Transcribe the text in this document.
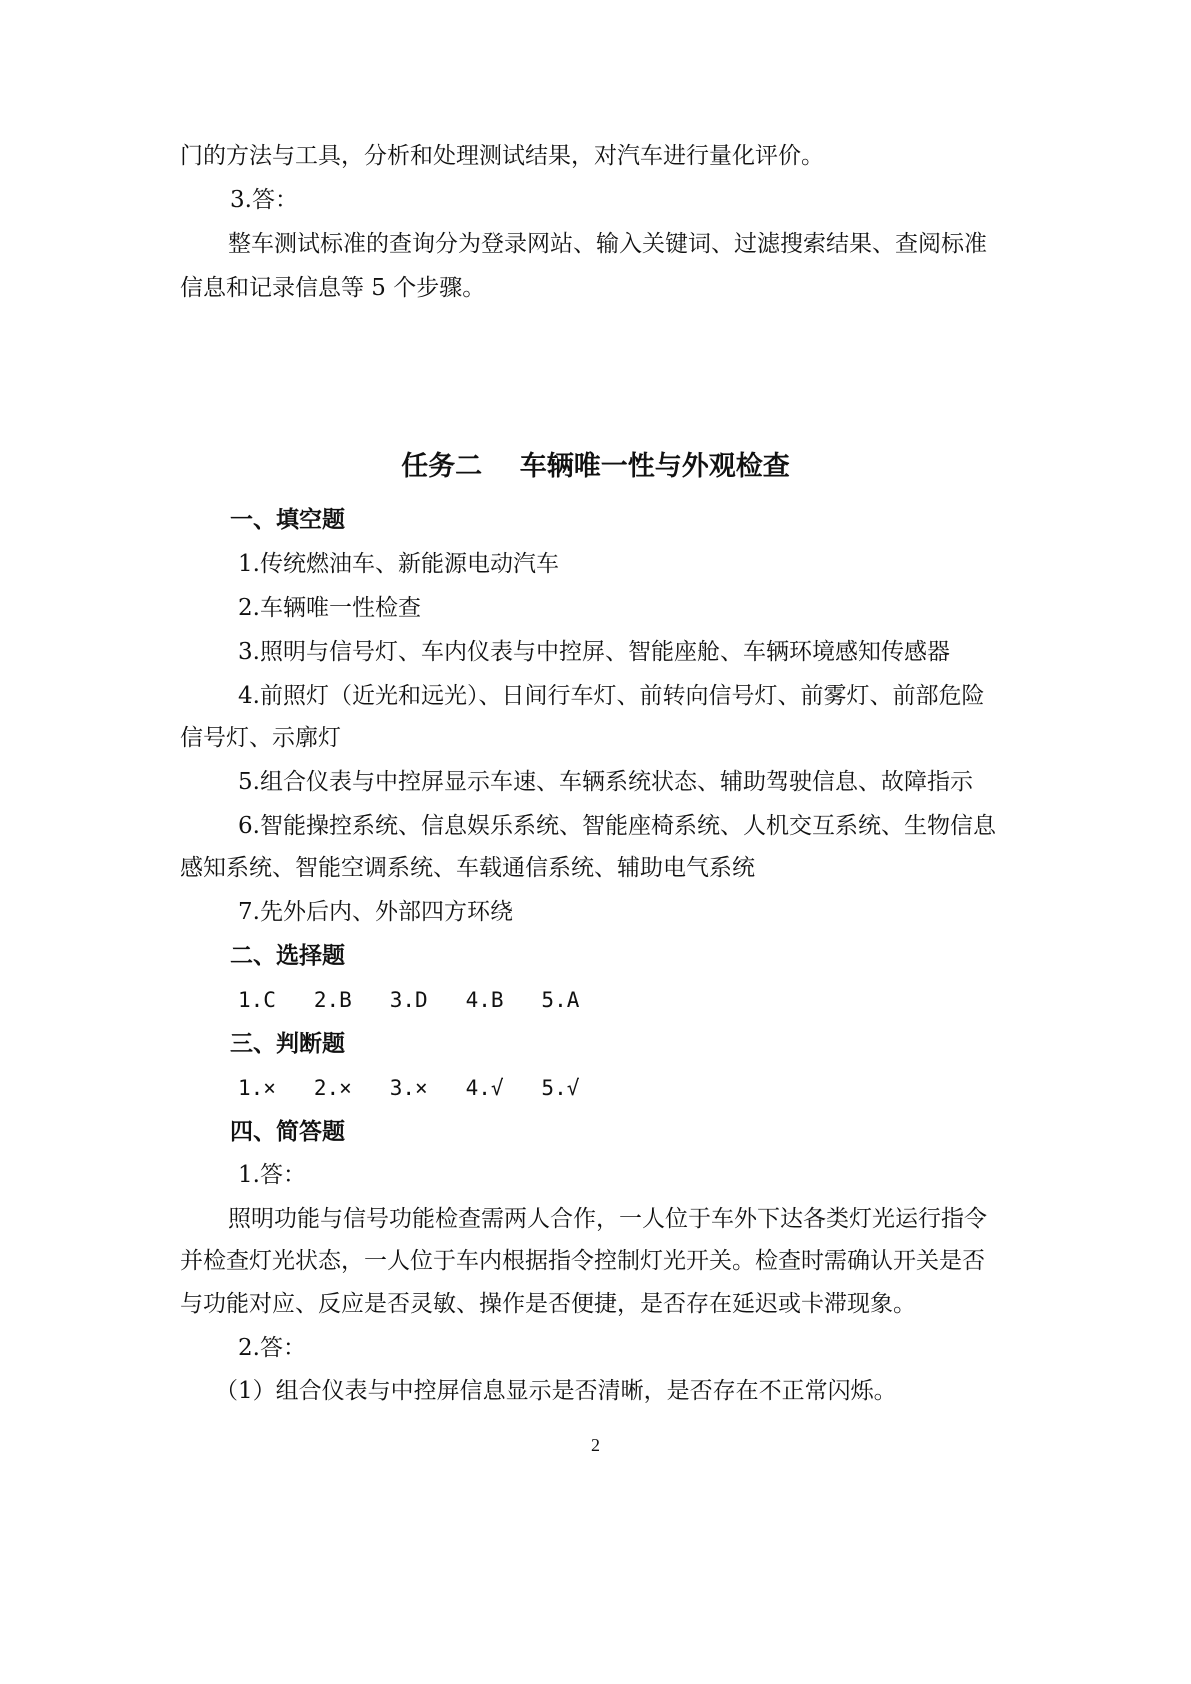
门的方法与工具，分析和处理测试结果，对汽车进行量化评价。
3.答：
整车测试标准的查询分为登录网站、输入关键词、过滤搜索结果、查阅标准
信息和记录信息等 5 个步骤。
任务二    车辆唯一性与外观检查
一、填空题
1.传统燃油车、新能源电动汽车
2.车辆唯一性检查
3.照明与信号灯、车内仪表与中控屏、智能座舱、车辆环境感知传感器
4.前照灯（近光和远光）、日间行车灯、前转向信号灯、前雾灯、前部危险
信号灯、示廓灯
5.组合仪表与中控屏显示车速、车辆系统状态、辅助驾驶信息、故障指示
6.智能操控系统、信息娱乐系统、智能座椅系统、人机交互系统、生物信息
感知系统、智能空调系统、车载通信系统、辅助电气系统
7.先外后内、外部四方环绕
二、选择题
1.C   2.B   3.D   4.B   5.A
三、判断题
1.×   2.×   3.×   4.√   5.√
四、简答题
1.答：
照明功能与信号功能检查需两人合作，一人位于车外下达各类灯光运行指令
并检查灯光状态，一人位于车内根据指令控制灯光开关。检查时需确认开关是否
与功能对应、反应是否灵敏、操作是否便捷，是否存在延迟或卡滞现象。
2.答：
（1）组合仪表与中控屏信息显示是否清晰，是否存在不正常闪烁。
2
